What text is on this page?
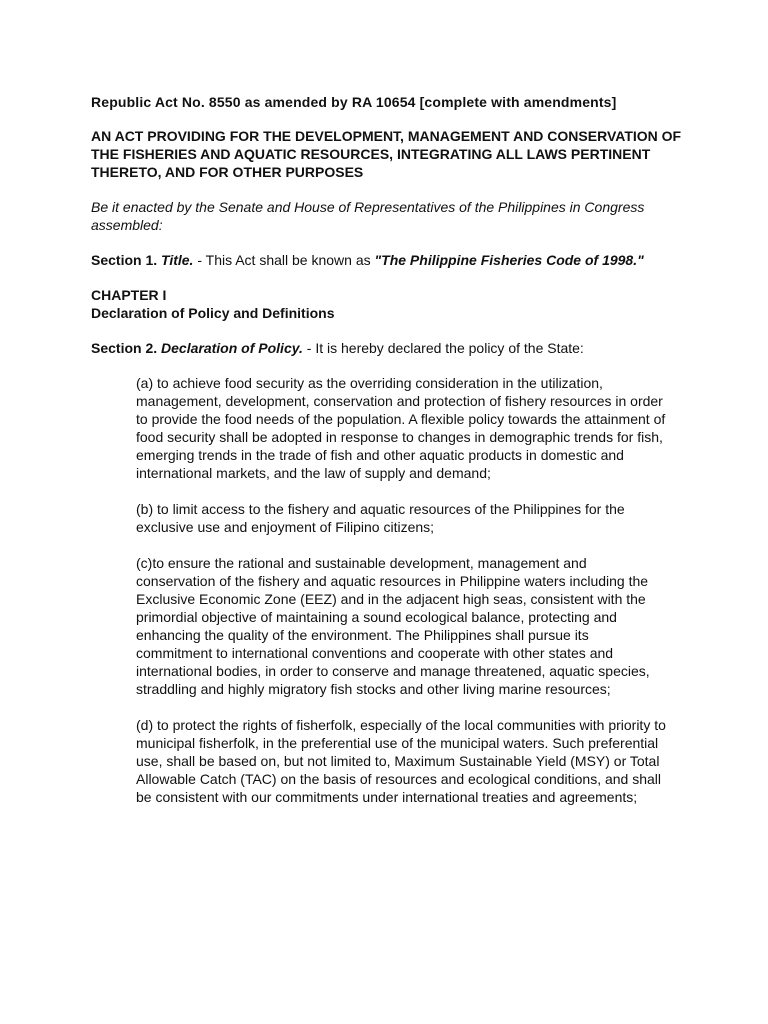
Republic Act No. 8550 as amended by RA 10654 [complete with amendments]

AN ACT PROVIDING FOR THE DEVELOPMENT, MANAGEMENT AND CONSERVATION OF THE FISHERIES AND AQUATIC RESOURCES, INTEGRATING ALL LAWS PERTINENT THERETO, AND FOR OTHER PURPOSES

Be it enacted by the Senate and House of Representatives of the Philippines in Congress assembled:

Section 1. Title. - This Act shall be known as "The Philippine Fisheries Code of 1998."

CHAPTER I
Declaration of Policy and Definitions

Section 2. Declaration of Policy. - It is hereby declared the policy of the State:

(a) to achieve food security as the overriding consideration in the utilization, management, development, conservation and protection of fishery resources in order to provide the food needs of the population. A flexible policy towards the attainment of food security shall be adopted in response to changes in demographic trends for fish, emerging trends in the trade of fish and other aquatic products in domestic and international markets, and the law of supply and demand;

(b) to limit access to the fishery and aquatic resources of the Philippines for the exclusive use and enjoyment of Filipino citizens;

(c)to ensure the rational and sustainable development, management and conservation of the fishery and aquatic resources in Philippine waters including the Exclusive Economic Zone (EEZ) and in the adjacent high seas, consistent with the primordial objective of maintaining a sound ecological balance, protecting and enhancing the quality of the environment. The Philippines shall pursue its commitment to international conventions and cooperate with other states and international bodies, in order to conserve and manage threatened, aquatic species, straddling and highly migratory fish stocks and other living marine resources;

(d) to protect the rights of fisherfolk, especially of the local communities with priority to municipal fisherfolk, in the preferential use of the municipal waters. Such preferential use, shall be based on, but not limited to, Maximum Sustainable Yield (MSY) or Total Allowable Catch (TAC) on the basis of resources and ecological conditions, and shall be consistent with our commitments under international treaties and agreements;
